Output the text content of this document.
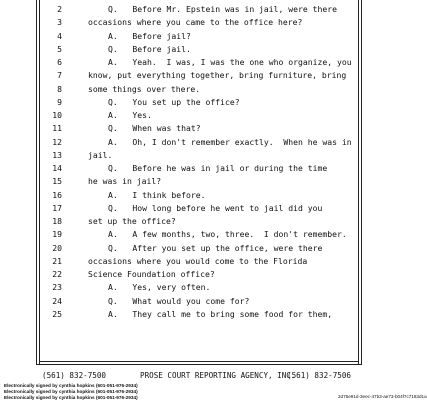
2	Q.   Before Mr. Epstein was in jail, were there
3	occasions where you came to the office here?
4	A.   Before jail?
5	Q.   Before jail.
6	A.   Yeah.  I was, I was the one who organize, you
7	know, put everything together, bring furniture, bring
8	some things over there.
9	Q.   You set up the office?
10	A.   Yes.
11	Q.   When was that?
12	A.   Oh, I don't remember exactly.  When he was in
13	jail.
14	Q.   Before he was in jail or during the time
15	he was in jail?
16	A.   I think before.
17	Q.   How long before he went to jail did you
18	set up the office?
19	A.   A few months, two, three.  I don't remember.
20	Q.   After you set up the office, were there
21	occasions where you would come to the Florida
22	Science Foundation office?
23	A.   Yes, very often.
24	Q.   What would you come for?
25	A.   They call me to bring some food for them,

(561) 832-7500

	PROSE COURT REPORTING AGENCY, INC.

(561) 832-7506

Electronically signed by cynthia hopkins (601-051-976-2934)
Electronically signed by cynthia hopkins (601-051-976-2934)
Electronically signed by cynthia hopkins (601-051-976-2934)	2d75e91d-3eec-47b3-ae73-b04f7c7183d1a
